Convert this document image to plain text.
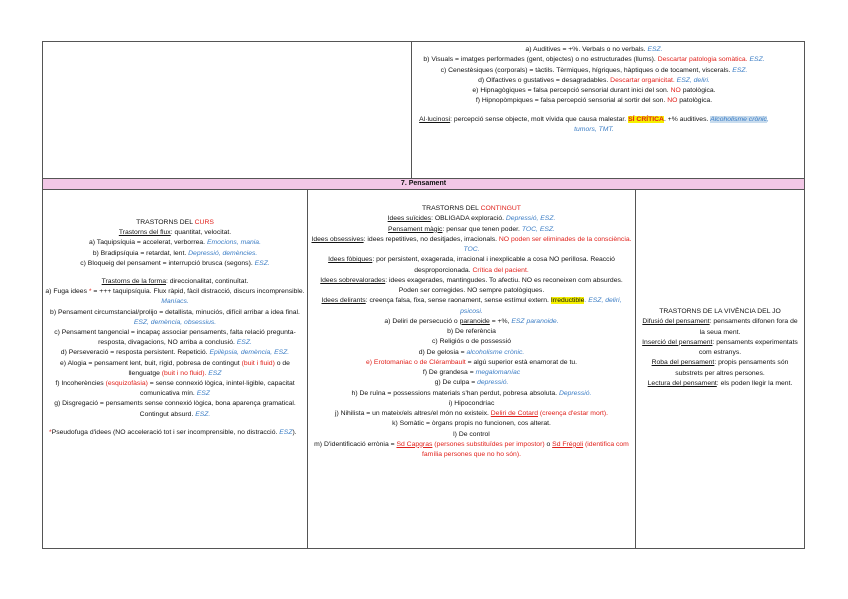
a) Auditives = +%. Verbals o no verbals. ESZ.

b) Visuals = imatges performades (gent, objectes) o no estructurades (llums). Descartar patologia somàtica. ESZ.

c) Cenestèsiques (corporals) = tàctils. Tèrmiques, hígriques, hàptiques o de tocament, viscerals. ESZ.

d) Olfactives o gustatives = desagradables. Descartar organicitat. ESZ, deliri.

e) Hipnagògiques = falsa percepció sensorial durant inici del son. NO patològica.

f) Hipnopòmpiques = falsa percepció sensorial al sortir del son. NO patològica.

Al·lucinosi: percepció sense objecte, molt vívida que causa malestar. SÍ CRÍTICA. +% auditives. Alcoholisme crònic, tumors, TMT.

7. Pensament

TRASTORNS DEL CURS

Trastorns del flux: quantitat, velocitat.

a) Taquipsíquia = accelerat, verborrea. Emocions, mania.

b) Bradipsíquia = retardat, lent. Depressió, demències.

c) Bloqueig del pensament = interrupció brusca (segons). ESZ.

Trastorns de la forma: direccionalitat, continuïtat.

a) Fuga idees * = +++ taquipsíquia. Flux ràpid, fàcil distracció, discurs incomprensible. Maníacs.

b) Pensament circumstancial/prolijo = detallista, minuciós, difícil arribar a idea final. ESZ, demència, obsessius.

c) Pensament tangencial = incapaç associar pensaments, falta relació pregunta-resposta, divagacions, NO arriba a conclusió. ESZ.

d) Perseveració = resposta persistent. Repetició. Epilèpsia, demència, ESZ.

e) Alogia = pensament lent, buit, rígid, pobresa de contingut (buit i fluid) o de llenguatge (buit i no fluid). ESZ

f) Incoherències (esquizofàsia) = sense connexió lògica, inintel·ligible, capacitat comunicativa mín. ESZ

g) Disgregació = pensaments sense connexió lògica, bona aparença gramatical. Contingut absurd. ESZ.

*Pseudofuga d'idees (NO acceleració tot i ser incomprensible, no distracció. ESZ).

TRASTORNS DEL CONTINGUT

Idees suïcides: OBLIGADA exploració. Depressió, ESZ.

Pensament màgic: pensar que tenen poder. TOC, ESZ.

Idees obsessives: idees repetitives, no desitjades, irracionals. NO poden ser eliminades de la consciència. TOC.

Idees fòbiques: por persistent, exagerada, irracional i inexplicable a cosa NO perillosa. Reacció desproporcionada. Crítica del pacient.

Idees sobrevalorades: idees exagerades, mantingudes. To afectiu. NO es reconeixen com absurdes. Poden ser corregides. NO sempre patològiques.

Idees delirants: creença falsa, fixa, sense raonament, sense estímul extern. Irreductible. ESZ, deliri, psicosi.

a) Deliri de persecució o paranoide = +%, ESZ paranoide.

b) De referència

c) Religiós o de possessió

d) De gelosia = alcoholisme crònic.

e) Erotomaniac o de Clérambault = algú superior està enamorat de tu.

f) De grandesa = megalomaníac

g) De culpa = depressió.

h) De ruïna = possessions materials s'han perdut, pobresa absoluta. Depressió.

i) Hipocondríac

j) Nihilista = un mateix/els altres/el món no existeix. Deliri de Cotard (creença d'estar mort).

k) Somàtic = òrgans propis no funcionen, cos alterat.

l) De control

m) D'identificació errònia = Sd Capgras (persones substituïdes per impostor) o Sd Frégoli (identifica com família persones que no ho són).

TRASTORNS DE LA VIVÈNCIA DEL JO

Difusió del pensament: pensaments difonen fora de la seua ment.

Inserció del pensament: pensaments experimentats com estranys.

Roba del pensament: propis pensaments són substrets per altres persones.

Lectura del pensament: els poden llegir la ment.
